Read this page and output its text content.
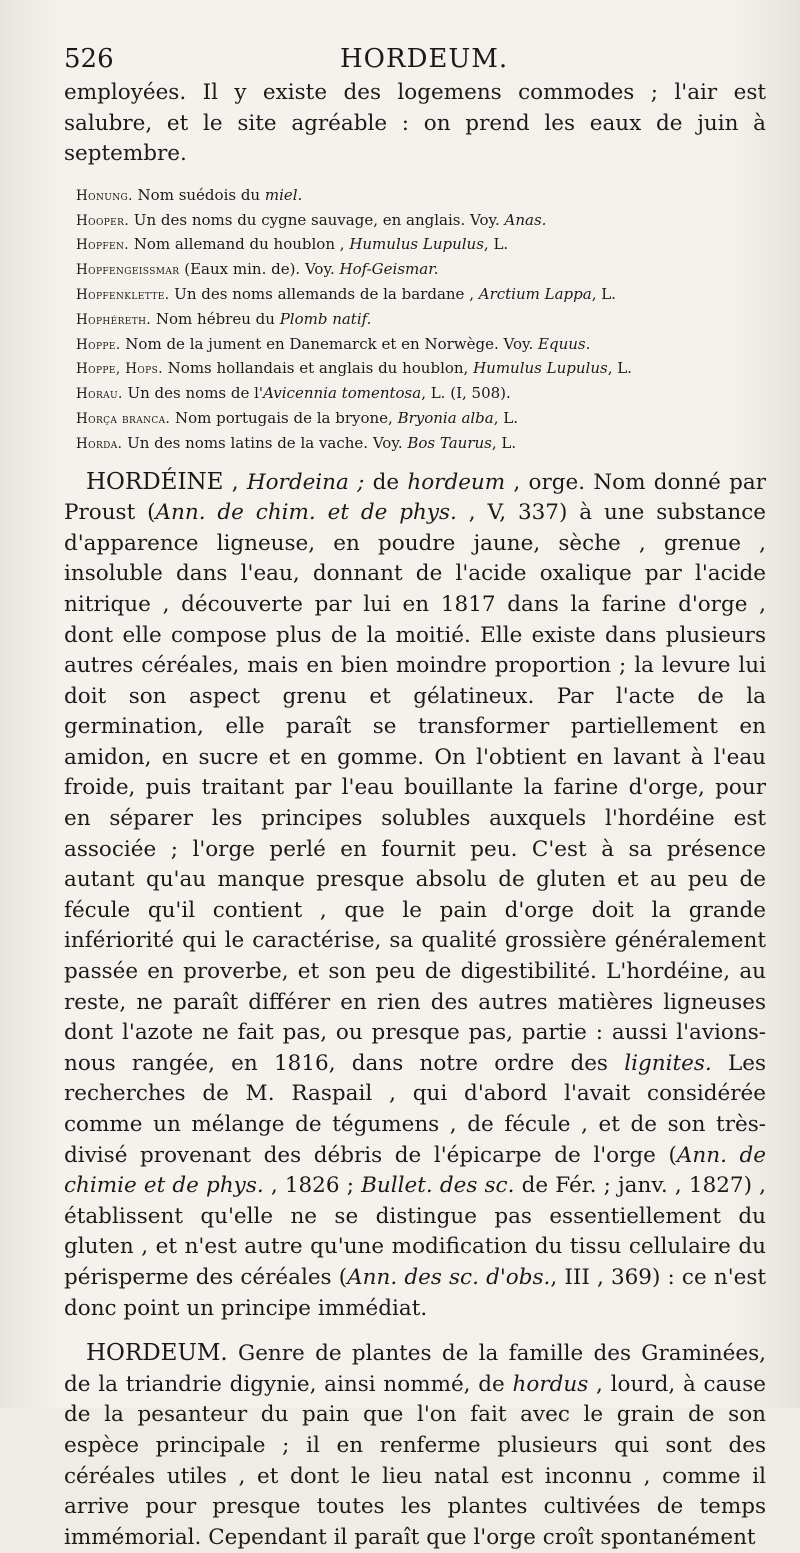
526	HORDEUM.

employées. Il y existe des logemens commodes ; l'air est salubre, et le site agréable : on prend les eaux de juin à septembre.

Honung. Nom suédois du miel.
Hooper. Un des noms du cygne sauvage, en anglais. Voy. Anas.
Hopfen. Nom allemand du houblon , Humulus Lupulus, L.
Hopfengeissmar (Eaux min. de). Voy. Hof-Geismar.
Hopfenklette. Un des noms allemands de la bardane , Arctium Lappa, L.
Hophéreth. Nom hébreu du Plomb natif.
Hoppe. Nom de la jument en Danemarck et en Norwège. Voy. Equus.
Hoppe, Hops. Noms hollandais et anglais du houblon, Humulus Lupulus, L.
Horau. Un des noms de l'Avicennia tomentosa, L. (I, 508).
Horça branca. Nom portugais de la bryone, Bryonia alba, L.
Horda. Un des noms latins de la vache. Voy. Bos Taurus, L.

HORDÉINE , Hordeina ; de hordeum , orge. Nom donné par Proust (Ann. de chim. et de phys. , V, 337) à une substance d'apparence ligneuse, en poudre jaune, sèche , grenue , insoluble dans l'eau, donnant de l'acide oxalique par l'acide nitrique , découverte par lui en 1817 dans la farine d'orge , dont elle compose plus de la moitié. Elle existe dans plusieurs autres céréales, mais en bien moindre proportion ; la levure lui doit son aspect grenu et gélatineux. Par l'acte de la germination, elle paraît se transformer partiellement en amidon, en sucre et en gomme. On l'obtient en lavant à l'eau froide, puis traitant par l'eau bouillante la farine d'orge, pour en séparer les principes solubles auxquels l'hordéine est associée ; l'orge perlé en fournit peu. C'est à sa présence autant qu'au manque presque absolu de gluten et au peu de fécule qu'il contient , que le pain d'orge doit la grande infériorité qui le caractérise, sa qualité grossière généralement passée en proverbe, et son peu de digestibilité. L'hordéine, au reste, ne paraît différer en rien des autres matières ligneuses dont l'azote ne fait pas, ou presque pas, partie : aussi l'avions-nous rangée, en 1816, dans notre ordre des lignites. Les recherches de M. Raspail , qui d'abord l'avait considérée comme un mélange de tégumens , de fécule , et de son très-divisé provenant des débris de l'épicarpe de l'orge (Ann. de chimie et de phys. , 1826 ; Bullet. des sc. de Fér. ; janv. , 1827) , établissent qu'elle ne se distingue pas essentiellement du gluten , et n'est autre qu'une modification du tissu cellulaire du périsperme des céréales (Ann. des sc. d'obs., III , 369) : ce n'est donc point un principe immédiat.

HORDEUM. Genre de plantes de la famille des Graminées, de la triandrie digynie, ainsi nommé, de hordus , lourd, à cause de la pesanteur du pain que l'on fait avec le grain de son espèce principale ; il en renferme plusieurs qui sont des céréales utiles , et dont le lieu natal est inconnu , comme il arrive pour presque toutes les plantes cultivées de temps immémorial. Cependant il paraît que l'orge croît spontanément
